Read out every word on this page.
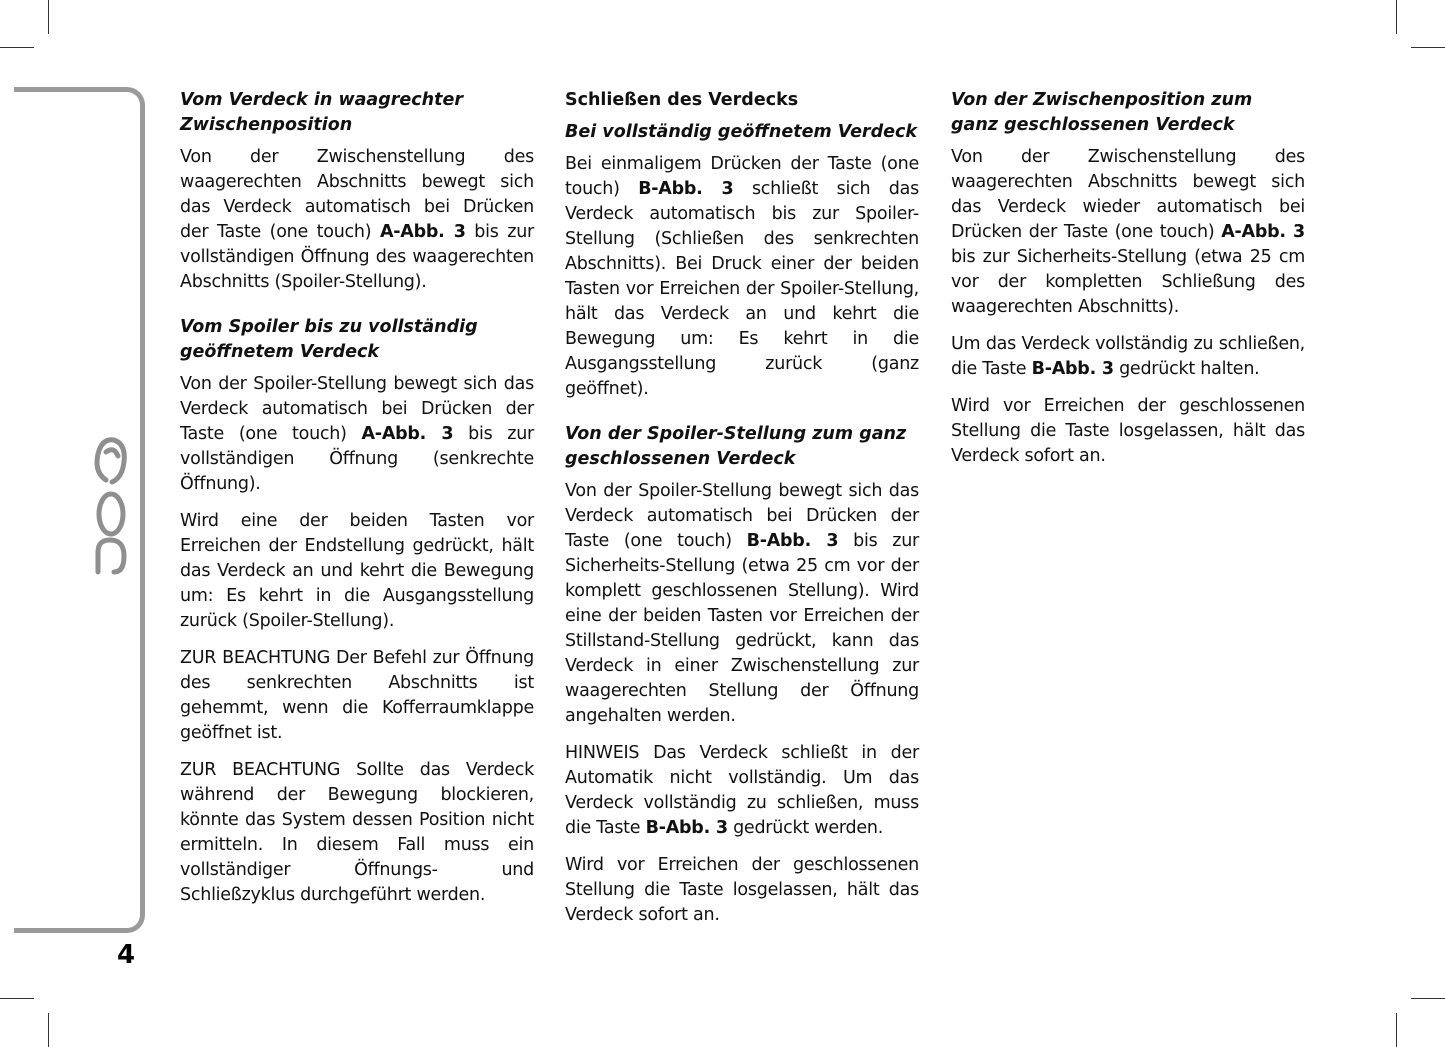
4
Vom Verdeck in waagrechter Zwischenposition

Von der Zwischenstellung des waagerechten Abschnitts bewegt sich das Verdeck automatisch bei Drücken der Taste (one touch) A-Abb. 3 bis zur vollständigen Öffnung des waagerechten Abschnitts (Spoiler-Stellung).

Vom Spoiler bis zu vollständig geöffnetem Verdeck

Von der Spoiler-Stellung bewegt sich das Verdeck automatisch bei Drücken der Taste (one touch) A-Abb. 3 bis zur vollständigen Öffnung (senkrechte Öffnung).

Wird eine der beiden Tasten vor Erreichen der Endstellung gedrückt, hält das Verdeck an und kehrt die Bewegung um: Es kehrt in die Ausgangsstellung zurück (Spoiler-Stellung).

ZUR BEACHTUNG Der Befehl zur Öffnung des senkrechten Abschnitts ist gehemmt, wenn die Kofferraumklappe geöffnet ist.

ZUR BEACHTUNG Sollte das Verdeck während der Bewegung blockieren, könnte das System dessen Position nicht ermitteln. In diesem Fall muss ein vollständiger Öffnungs- und Schließzyklus durchgeführt werden.

Schließen des Verdecks
Bei vollständig geöffnetem Verdeck

Bei einmaligem Drücken der Taste (one touch) B-Abb. 3 schließt sich das Verdeck automatisch bis zur Spoiler-Stellung (Schließen des senkrechten Abschnitts). Bei Druck einer der beiden Tasten vor Erreichen der Spoiler-Stellung, hält das Verdeck an und kehrt die Bewegung um: Es kehrt in die Ausgangsstellung zurück (ganz geöffnet).

Von der Spoiler-Stellung zum ganz geschlossenen Verdeck

Von der Spoiler-Stellung bewegt sich das Verdeck automatisch bei Drücken der Taste (one touch) B-Abb. 3 bis zur Sicherheits-Stellung (etwa 25 cm vor der komplett geschlossenen Stellung). Wird eine der beiden Tasten vor Erreichen der Stillstand-Stellung gedrückt, kann das Verdeck in einer Zwischenstellung zur waagerechten Stellung der Öffnung angehalten werden.

HINWEIS Das Verdeck schließt in der Automatik nicht vollständig. Um das Verdeck vollständig zu schließen, muss die Taste B-Abb. 3 gedrückt werden.

Wird vor Erreichen der geschlossenen Stellung die Taste losgelassen, hält das Verdeck sofort an.

Von der Zwischenposition zum ganz geschlossenen Verdeck

Von der Zwischenstellung des waagerechten Abschnitts bewegt sich das Verdeck wieder automatisch bei Drücken der Taste (one touch) A-Abb. 3 bis zur Sicherheits-Stellung (etwa 25 cm vor der kompletten Schließung des waagerechten Abschnitts).

Um das Verdeck vollständig zu schließen, die Taste B-Abb. 3 gedrückt halten.

Wird vor Erreichen der geschlossenen Stellung die Taste losgelassen, hält das Verdeck sofort an.
